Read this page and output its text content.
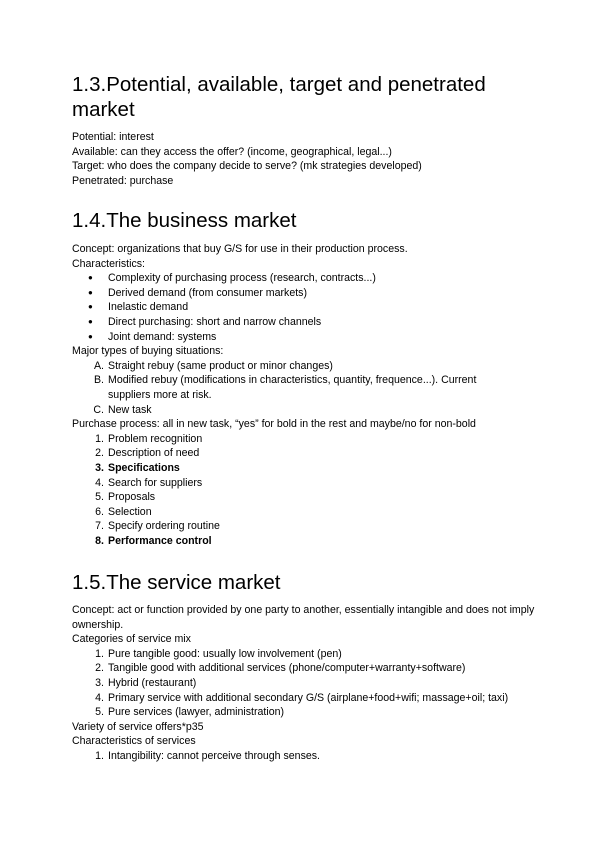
1.3.Potential, available, target and penetrated market
Potential: interest
Available: can they access the offer? (income, geographical, legal...)
Target: who does the company decide to serve? (mk strategies developed)
Penetrated: purchase
1.4.The business market
Concept: organizations that buy G/S for use in their production process.
Characteristics:
● Complexity of purchasing process (research, contracts...)
● Derived demand (from consumer markets)
● Inelastic demand
● Direct purchasing: short and narrow channels
● Joint demand: systems
Major types of buying situations:
A. Straight rebuy (same product or minor changes)
B. Modified rebuy (modifications in characteristics, quantity, frequence...). Current suppliers more at risk.
C. New task
Purchase process: all in new task, “yes” for bold in the rest and maybe/no for non-bold
1. Problem recognition
2. Description of need
3. Specifications
4. Search for suppliers
5. Proposals
6. Selection
7. Specify ordering routine
8. Performance control
1.5.The service market
Concept: act or function provided by one party to another, essentially intangible and does not imply ownership.
Categories of service mix
1. Pure tangible good: usually low involvement (pen)
2. Tangible good with additional services (phone/computer+warranty+software)
3. Hybrid (restaurant)
4. Primary service with additional secondary G/S (airplane+food+wifi; massage+oil; taxi)
5. Pure services (lawyer, administration)
Variety of service offers*p35
Characteristics of services
1. Intangibility: cannot perceive through senses.
